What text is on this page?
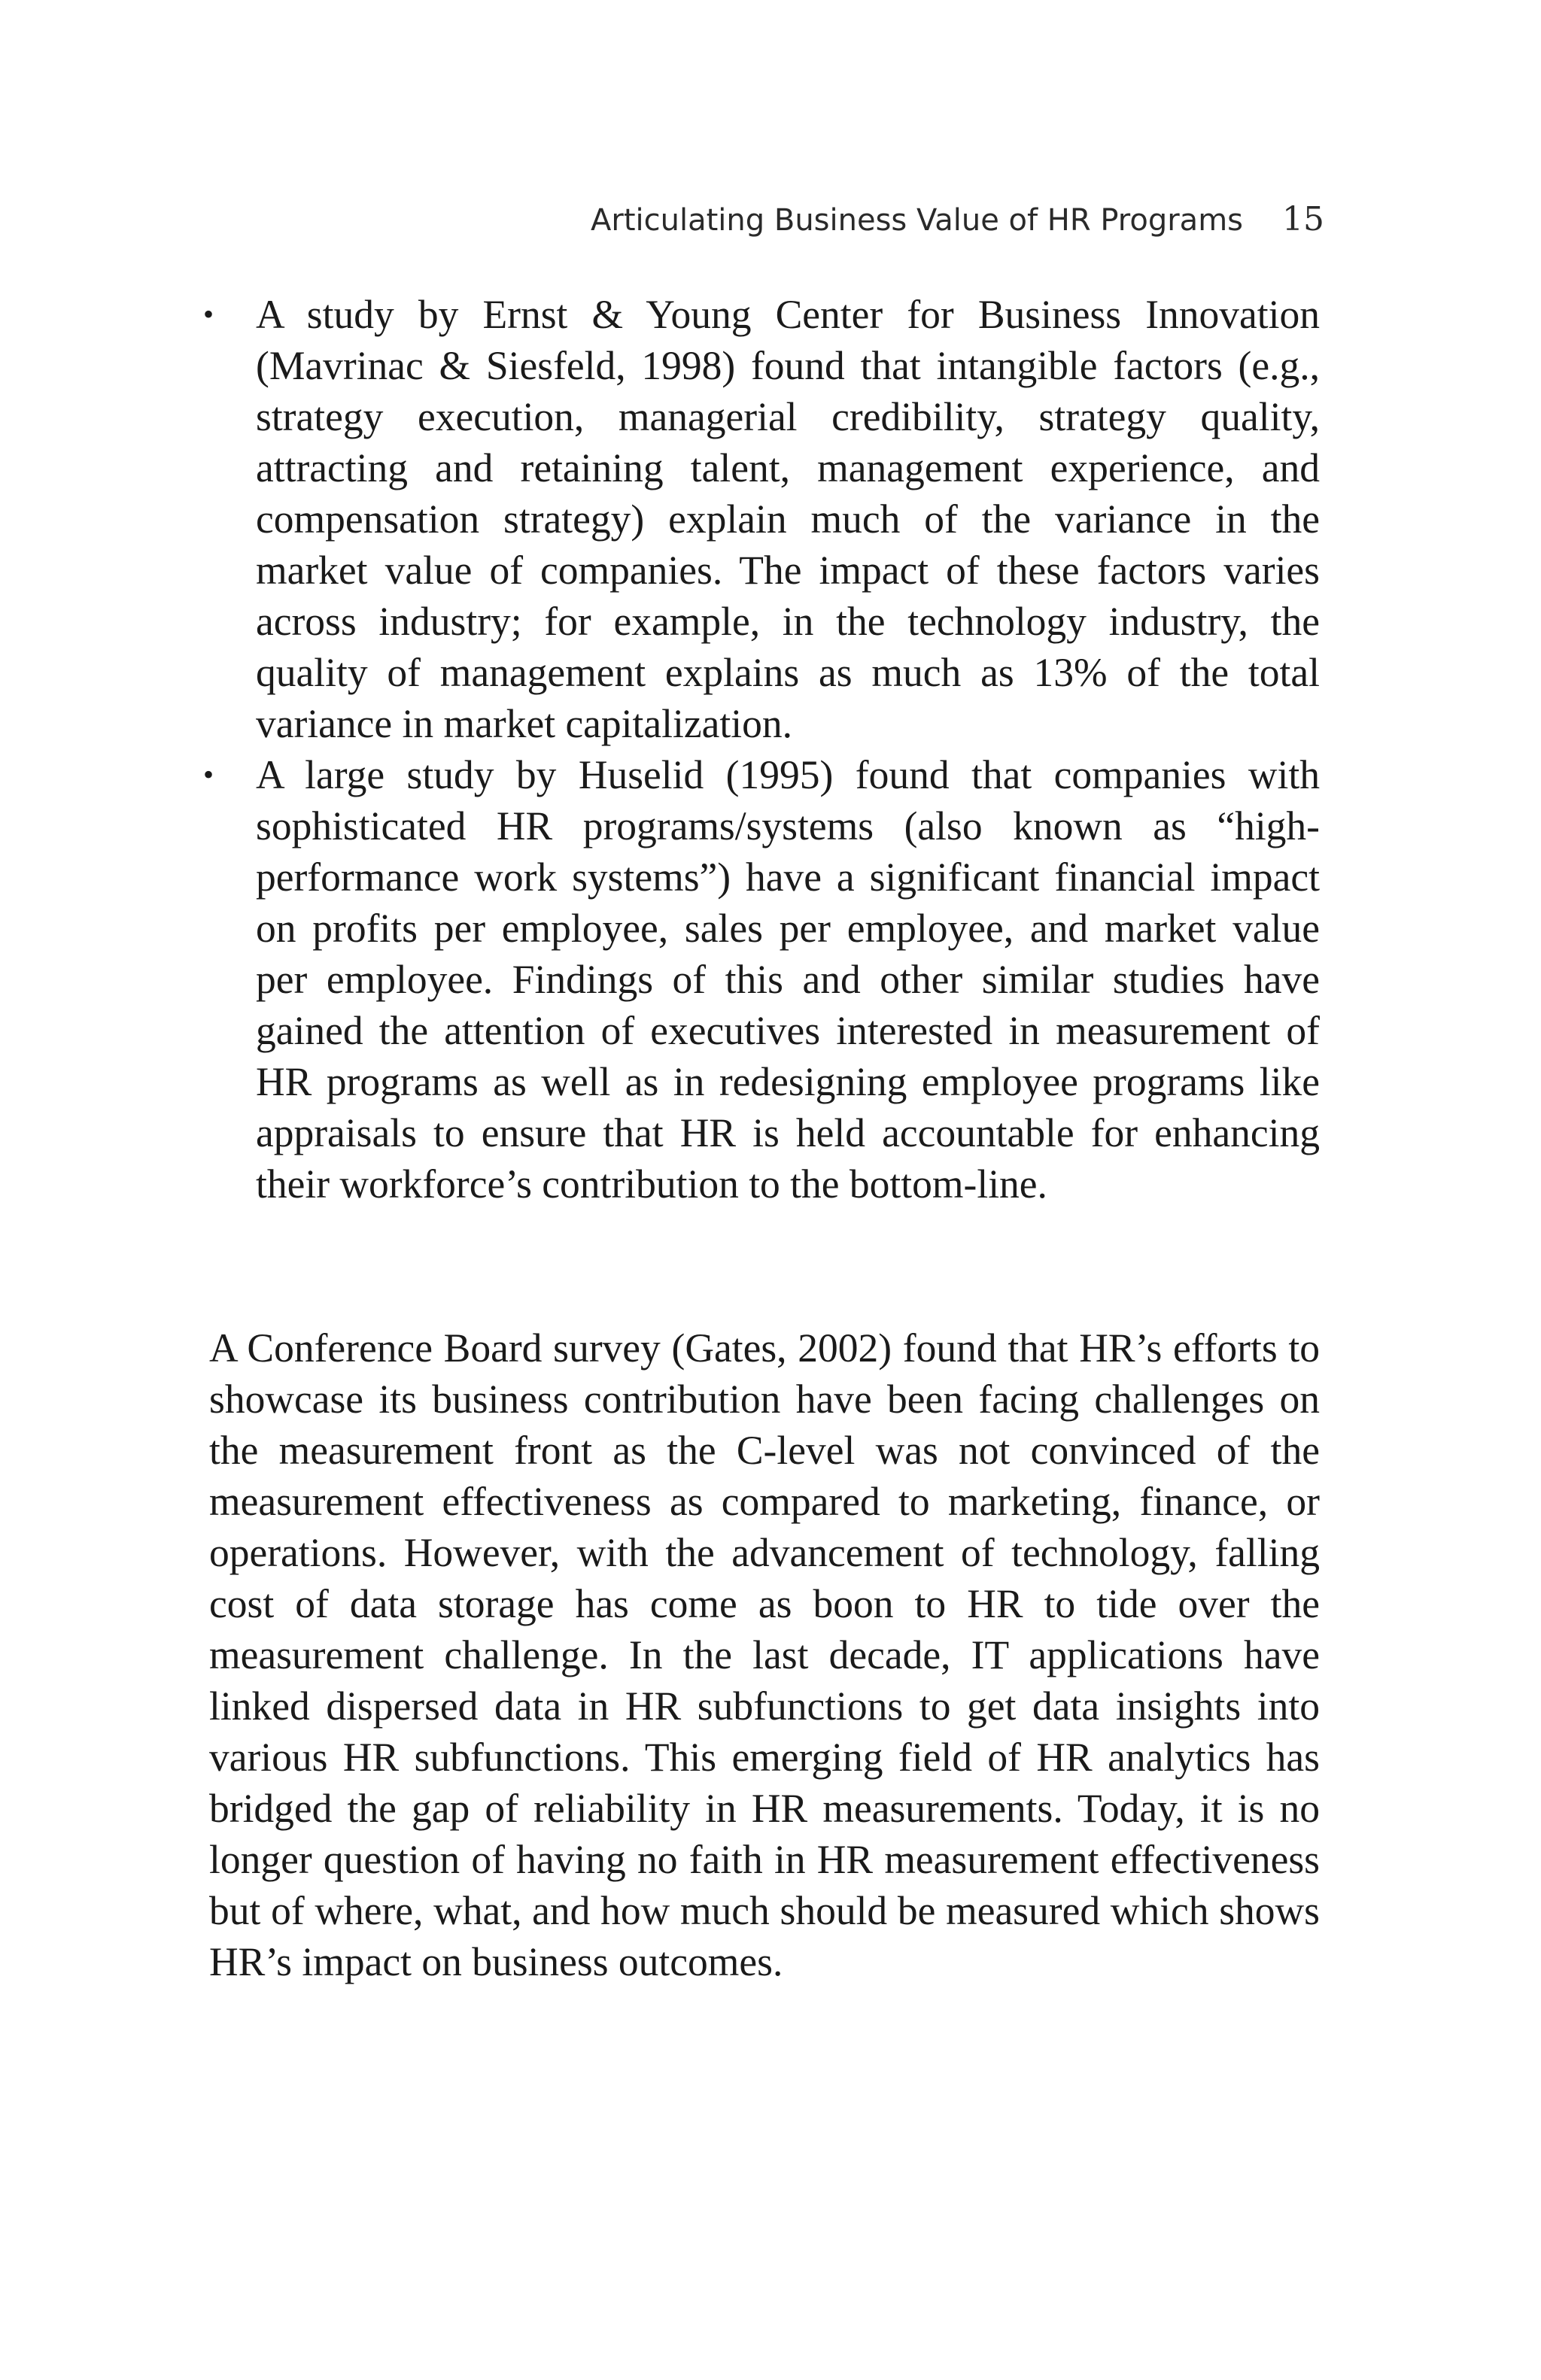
Articulating Business Value of HR Programs 15
• A study by Ernst & Young Center for Business Innovation (Mavrinac & Siesfeld, 1998) found that intangible factors (e.g., strategy execution, managerial credibility, strategy quality, attracting and retaining talent, management experience, and compensation strategy) explain much of the variance in the market value of companies. The impact of these factors varies across industry; for example, in the technology industry, the quality of management explains as much as 13% of the total variance in market capitalization.
• A large study by Huselid (1995) found that companies with sophisticated HR programs/systems (also known as “high-performance work systems”) have a significant financial impact on profits per employee, sales per employee, and market value per employee. Findings of this and other similar studies have gained the attention of executives interested in measurement of HR programs as well as in redesigning employee programs like appraisals to ensure that HR is held accountable for enhancing their workforce’s contribution to the bottom-line.

A Conference Board survey (Gates, 2002) found that HR’s efforts to showcase its business contribution have been facing challenges on the measurement front as the C-level was not convinced of the measurement effectiveness as compared to marketing, finance, or operations. However, with the advancement of technology, falling cost of data storage has come as boon to HR to tide over the measurement challenge. In the last decade, IT applications have linked dispersed data in HR subfunctions to get data insights into various HR subfunctions. This emerging field of HR analytics has bridged the gap of reliability in HR measurements. Today, it is no longer question of having no faith in HR measurement effectiveness but of where, what, and how much should be measured which shows HR’s impact on business outcomes.
